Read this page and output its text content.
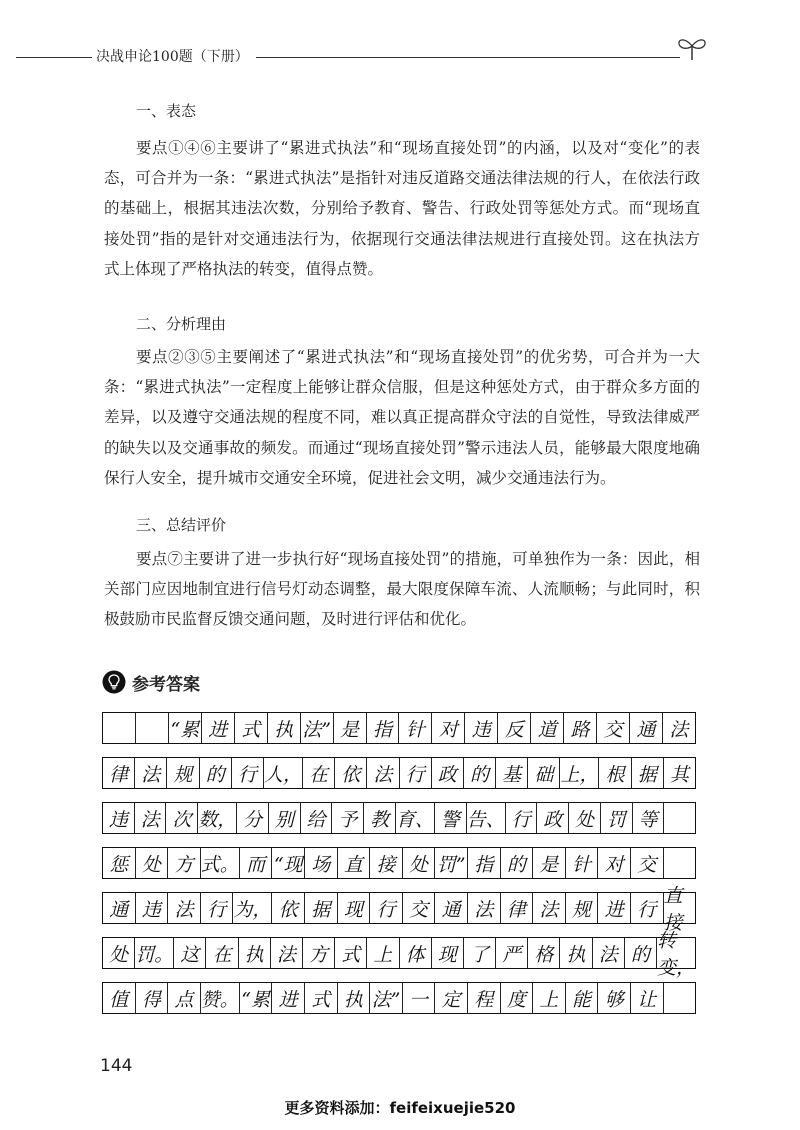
决战申论100题（下册）
一、表态

要点①④⑥主要讲了“累进式执法”和“现场直接处罚”的内涵，以及对“变化”的表态，可合并为一条：“累进式执法”是指针对违反道路交通法律法规的行人，在依法行政的基础上，根据其违法次数，分别给予教育、警告、行政处罚等惩处方式。而“现场直接处罚”指的是针对交通违法行为，依据现行交通法律法规进行直接处罚。这在执法方式上体现了严格执法的转变，值得点赞。

二、分析理由

要点②③⑤主要阐述了“累进式执法”和“现场直接处罚”的优劣势，可合并为一大条：“累进式执法”一定程度上能够让群众信服，但是这种惩处方式，由于群众多方面的差异，以及遵守交通法规的程度不同，难以真正提高群众守法的自觉性，导致法律威严的缺失以及交通事故的频发。而通过“现场直接处罚”警示违法人员，能够最大限度地确保行人安全，提升城市交通安全环境，促进社会文明，减少交通违法行为。

三、总结评价

要点⑦主要讲了进一步执行好“现场直接处罚”的措施，可单独作为一条：因此，相关部门应因地制宜进行信号灯动态调整，最大限度保障车流、人流顺畅；与此同时，积极鼓励市民监督反馈交通问题，及时进行评估和优化。

参考答案
“累 进 式 执 法” 是 指 针 对 违 反 道 路 交 通 法
律 法 规 的 行 人， 在 依 法 行 政 的 基 础 上， 根 据 其
违 法 次 数， 分 别 给 予 教 育、 警 告、 行 政 处 罚 等
惩 处 方 式。 而 “现 场 直 接 处 罚” 指 的 是 针 对 交
通 违 法 行 为， 依 据 现 行 交 通 法 律 法 规 进 行
直接
处 罚。 这 在 执 法 方 式 上 体 现 了 严 格 执 法 的
转变，
值 得 点 赞。 “累 进 式 执 法” 一 定 程 度 上 能 够 让
144
更多资料添加：feifeixuejie520
